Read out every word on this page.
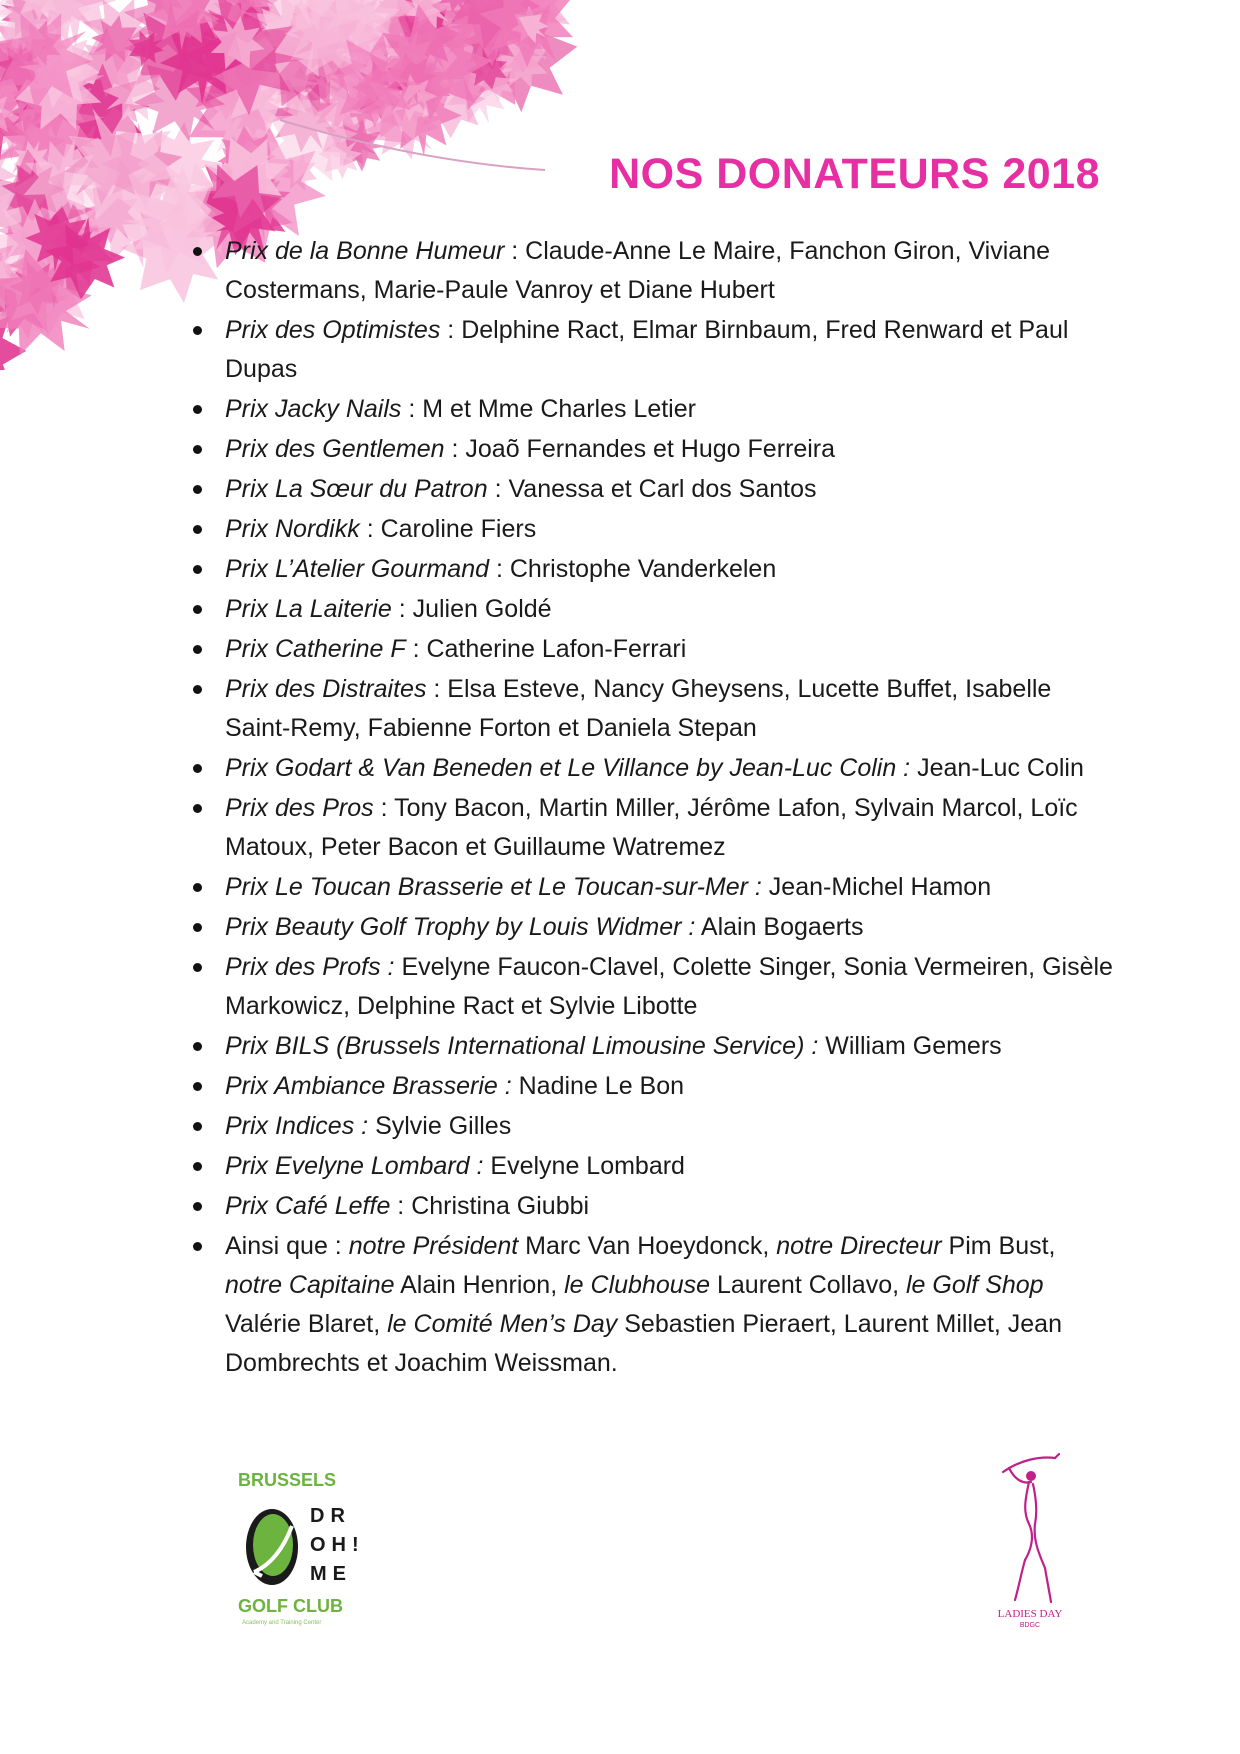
NOS DONATEURS 2018
Prix de la Bonne Humeur : Claude-Anne Le Maire, Fanchon Giron, Viviane Costermans, Marie-Paule Vanroy et Diane Hubert
Prix des Optimistes : Delphine Ract, Elmar Birnbaum, Fred Renward et Paul Dupas
Prix Jacky Nails : M et Mme Charles Letier
Prix des Gentlemen : Joaõ Fernandes et Hugo Ferreira
Prix La Sœur du Patron : Vanessa et Carl dos Santos
Prix Nordikk : Caroline Fiers
Prix L’Atelier Gourmand : Christophe Vanderkelen
Prix La Laiterie : Julien Goldé
Prix Catherine F : Catherine Lafon-Ferrari
Prix des Distraites : Elsa Esteve, Nancy Gheysens, Lucette Buffet, Isabelle Saint-Remy, Fabienne Forton et Daniela Stepan
Prix Godart & Van Beneden et Le Villance by Jean-Luc Colin : Jean-Luc Colin
Prix des Pros : Tony Bacon, Martin Miller, Jérôme Lafon, Sylvain Marcol, Loïc Matoux, Peter Bacon et Guillaume Watremez
Prix Le Toucan Brasserie et Le Toucan-sur-Mer : Jean-Michel Hamon
Prix Beauty Golf Trophy by Louis Widmer : Alain Bogaerts
Prix des Profs : Evelyne Faucon-Clavel, Colette Singer, Sonia Vermeiren, Gisèle Markowicz, Delphine Ract et Sylvie Libotte
Prix BILS (Brussels International Limousine Service) : William Gemers
Prix Ambiance Brasserie : Nadine Le Bon
Prix Indices : Sylvie Gilles
Prix Evelyne Lombard : Evelyne Lombard
Prix Café Leffe : Christina Giubbi
Ainsi que : notre Président Marc Van Hoeydonck, notre Directeur Pim Bust, notre Capitaine Alain Henrion, le Clubhouse Laurent Collavo, le Golf Shop Valérie Blaret, le Comité Men’s Day Sebastien Pieraert, Laurent Millet, Jean Dombrechts et Joachim Weissman.
BRUSSELS
DR
OH!
ME
GOLF CLUB
Academy and Training Center
LADIES DAY
BDGC
